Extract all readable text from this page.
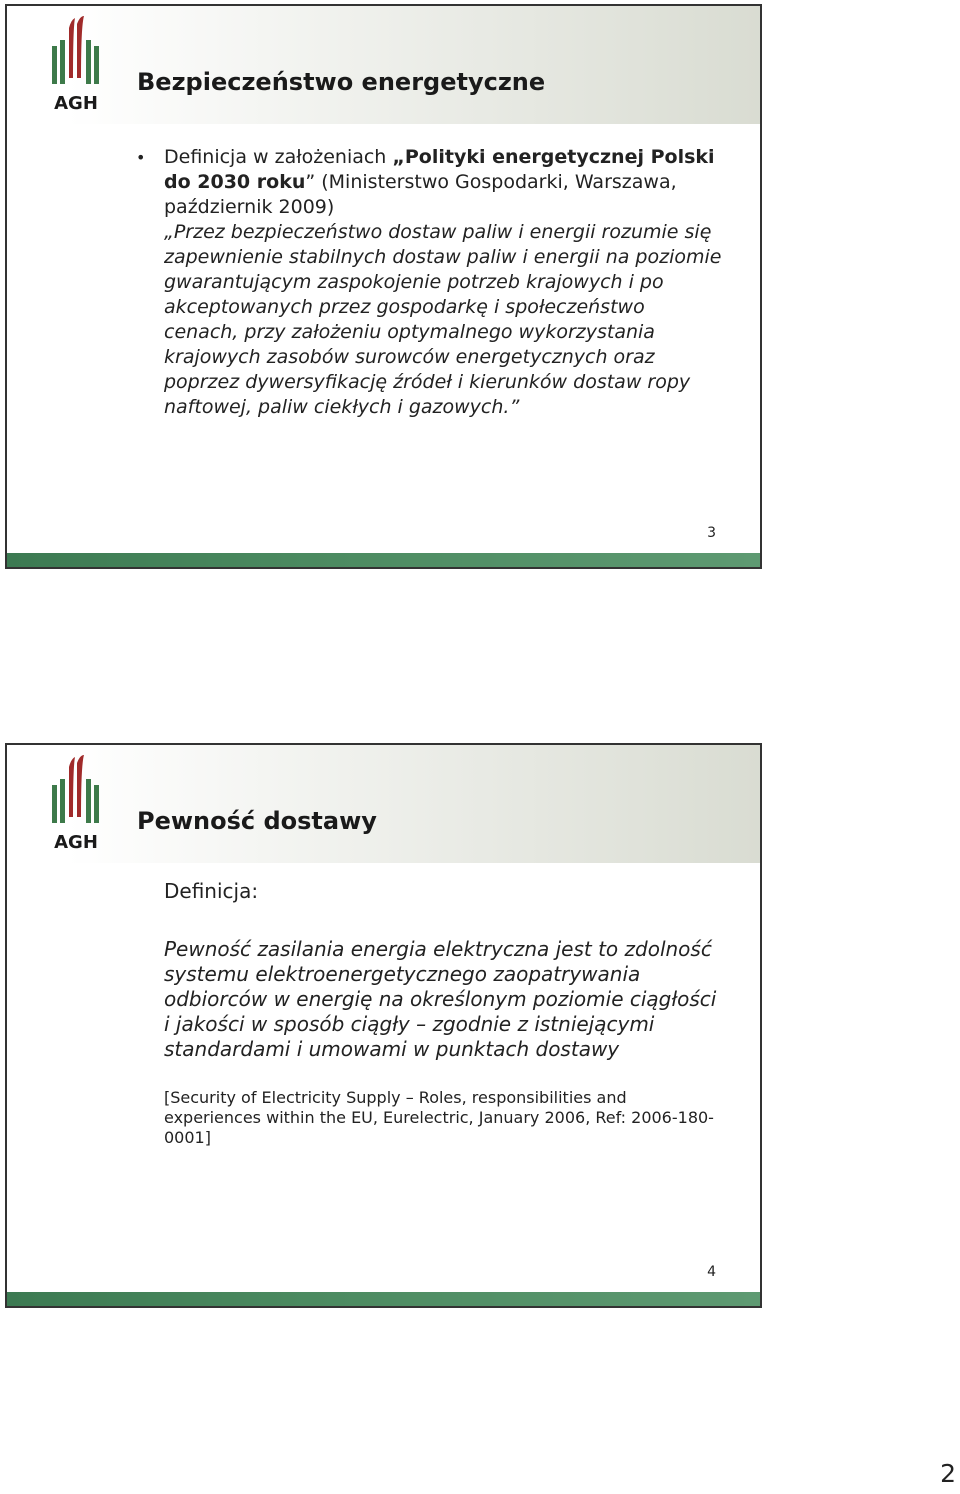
AGH
Bezpieczeństwo energetyczne
• Definicja w założeniach „Polityki energetycznej Polski do 2030 roku” (Ministerstwo Gospodarki, Warszawa, październik 2009)

„Przez bezpieczeństwo dostaw paliw i energii rozumie się zapewnienie stabilnych dostaw paliw i energii na poziomie gwarantującym zaspokojenie potrzeb krajowych i po akceptowanych przez gospodarkę i społeczeństwo cenach, przy założeniu optymalnego wykorzystania krajowych zasobów surowców energetycznych oraz poprzez dywersyfikację źródeł i kierunków dostaw ropy naftowej, paliw ciekłych i gazowych.”

3
AGH
Pewność dostawy

Definicja:

Pewność zasilania energia elektryczna jest to zdolność systemu elektroenergetycznego zaopatrywania odbiorców w energię na określonym poziomie ciągłości i jakości w sposób ciągły – zgodnie z istniejącymi standardami i umowami w punktach dostawy

[Security of Electricity Supply – Roles, responsibilities and experiences within the EU, Eurelectric, January 2006, Ref: 2006-180-0001]

4
2
